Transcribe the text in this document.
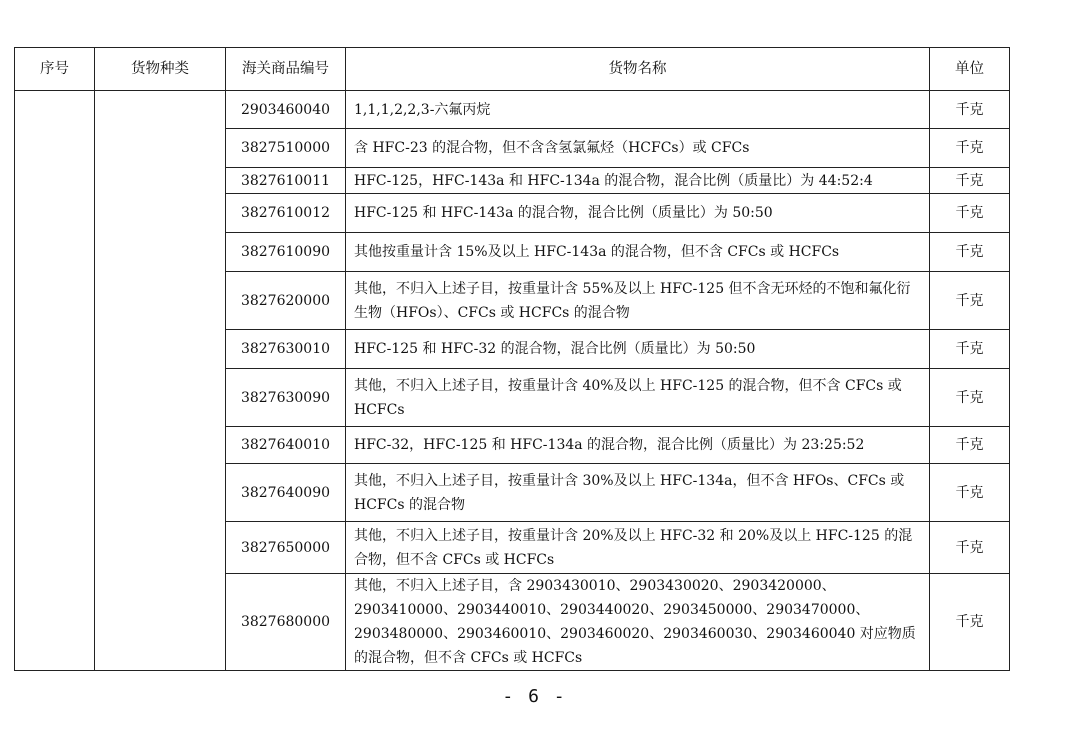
序号	货物种类	海关商品编号	货物名称	单位
		2903460040	1,1,1,2,2,3-六氟丙烷	千克
		3827510000	含 HFC-23 的混合物，但不含含氢氯氟烃（HCFCs）或 CFCs	千克
		3827610011	HFC-125，HFC-143a 和 HFC-134a 的混合物，混合比例（质量比）为 44:52:4	千克
		3827610012	HFC-125 和 HFC-143a 的混合物，混合比例（质量比）为 50:50	千克
		3827610090	其他按重量计含 15%及以上 HFC-143a 的混合物，但不含 CFCs 或 HCFCs	千克
		3827620000	其他，不归入上述子目，按重量计含 55%及以上 HFC-125 但不含无环烃的不饱和氟化衍生物（HFOs）、CFCs 或 HCFCs 的混合物	千克
		3827630010	HFC-125 和 HFC-32 的混合物，混合比例（质量比）为 50:50	千克
		3827630090	其他，不归入上述子目，按重量计含 40%及以上 HFC-125 的混合物，但不含 CFCs 或 HCFCs	千克
		3827640010	HFC-32，HFC-125 和 HFC-134a 的混合物，混合比例（质量比）为 23:25:52	千克
		3827640090	其他，不归入上述子目，按重量计含 30%及以上 HFC-134a，但不含 HFOs、CFCs 或 HCFCs 的混合物	千克
		3827650000	其他，不归入上述子目，按重量计含 20%及以上 HFC-32 和 20%及以上 HFC-125 的混合物，但不含 CFCs 或 HCFCs	千克
		3827680000	其他，不归入上述子目，含 2903430010、2903430020、2903420000、2903410000、2903440010、2903440020、2903450000、2903470000、2903480000、2903460010、2903460020、2903460030、2903460040 对应物质的混合物，但不含 CFCs 或 HCFCs	千克
- 6 -
